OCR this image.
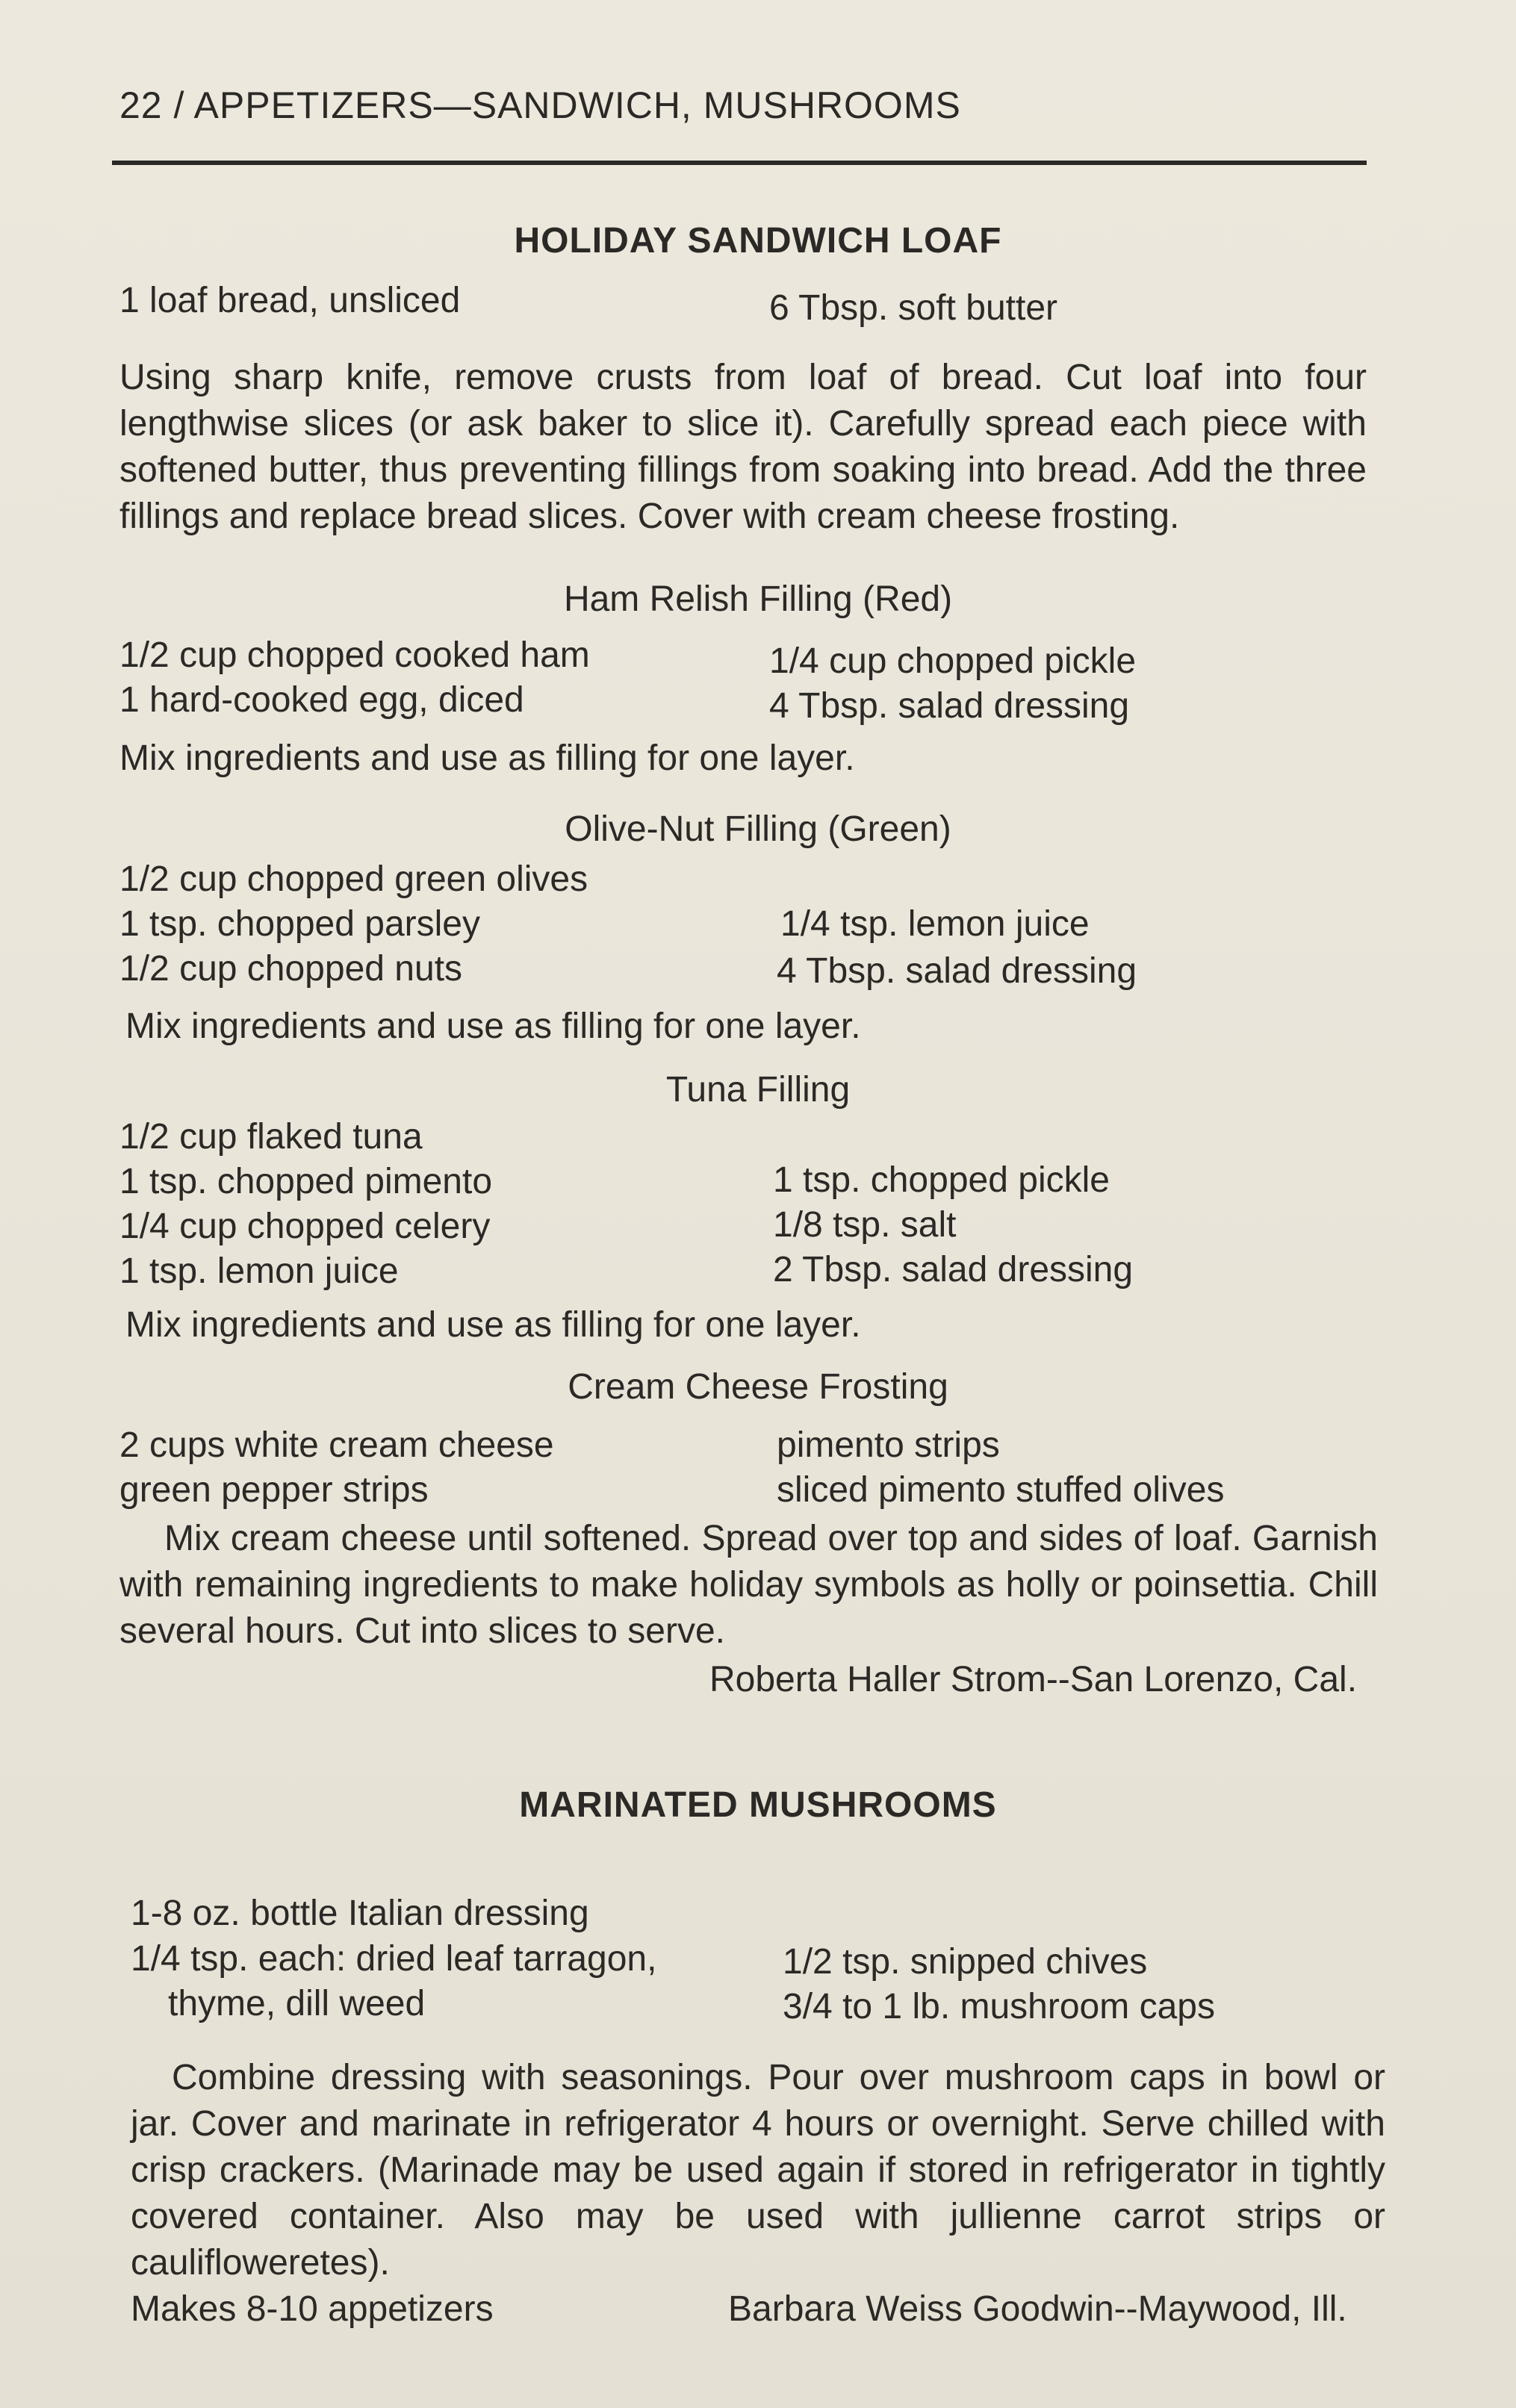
22 / APPETIZERS—SANDWICH, MUSHROOMS
HOLIDAY SANDWICH LOAF
1 loaf bread, unsliced	6 Tbsp. soft butter
Using sharp knife, remove crusts from loaf of bread. Cut loaf into four lengthwise slices (or ask baker to slice it). Carefully spread each piece with softened butter, thus preventing fillings from soaking into bread. Add the three fillings and replace bread slices. Cover with cream cheese frosting.
Ham Relish Filling (Red)
1/2 cup chopped cooked ham	1/4 cup chopped pickle
1 hard-cooked egg, diced	4 Tbsp. salad dressing
Mix ingredients and use as filling for one layer.
Olive-Nut Filling (Green)
1/2 cup chopped green olives
1 tsp. chopped parsley	1/4 tsp. lemon juice
1/2 cup chopped nuts	4 Tbsp. salad dressing
Mix ingredients and use as filling for one layer.
Tuna Filling
1/2 cup flaked tuna
1 tsp. chopped pimento	1 tsp. chopped pickle
1/4 cup chopped celery	1/8 tsp. salt
1 tsp. lemon juice	2 Tbsp. salad dressing
Mix ingredients and use as filling for one layer.
Cream Cheese Frosting
2 cups white cream cheese	pimento strips
green pepper strips	sliced pimento stuffed olives
Mix cream cheese until softened. Spread over top and sides of loaf. Garnish with remaining ingredients to make holiday symbols as holly or poinsettia. Chill several hours. Cut into slices to serve.
Roberta Haller Strom--San Lorenzo, Cal.
MARINATED MUSHROOMS
1-8 oz. bottle Italian dressing
1/4 tsp. each: dried leaf tarragon,	1/2 tsp. snipped chives
thyme, dill weed	3/4 to 1 lb. mushroom caps
Combine dressing with seasonings. Pour over mushroom caps in bowl or jar. Cover and marinate in refrigerator 4 hours or overnight. Serve chilled with crisp crackers. (Marinade may be used again if stored in refrigerator in tightly covered container. Also may be used with jullienne carrot strips or caulifloweretes).
Makes 8-10 appetizers	Barbara Weiss Goodwin--Maywood, Ill.
